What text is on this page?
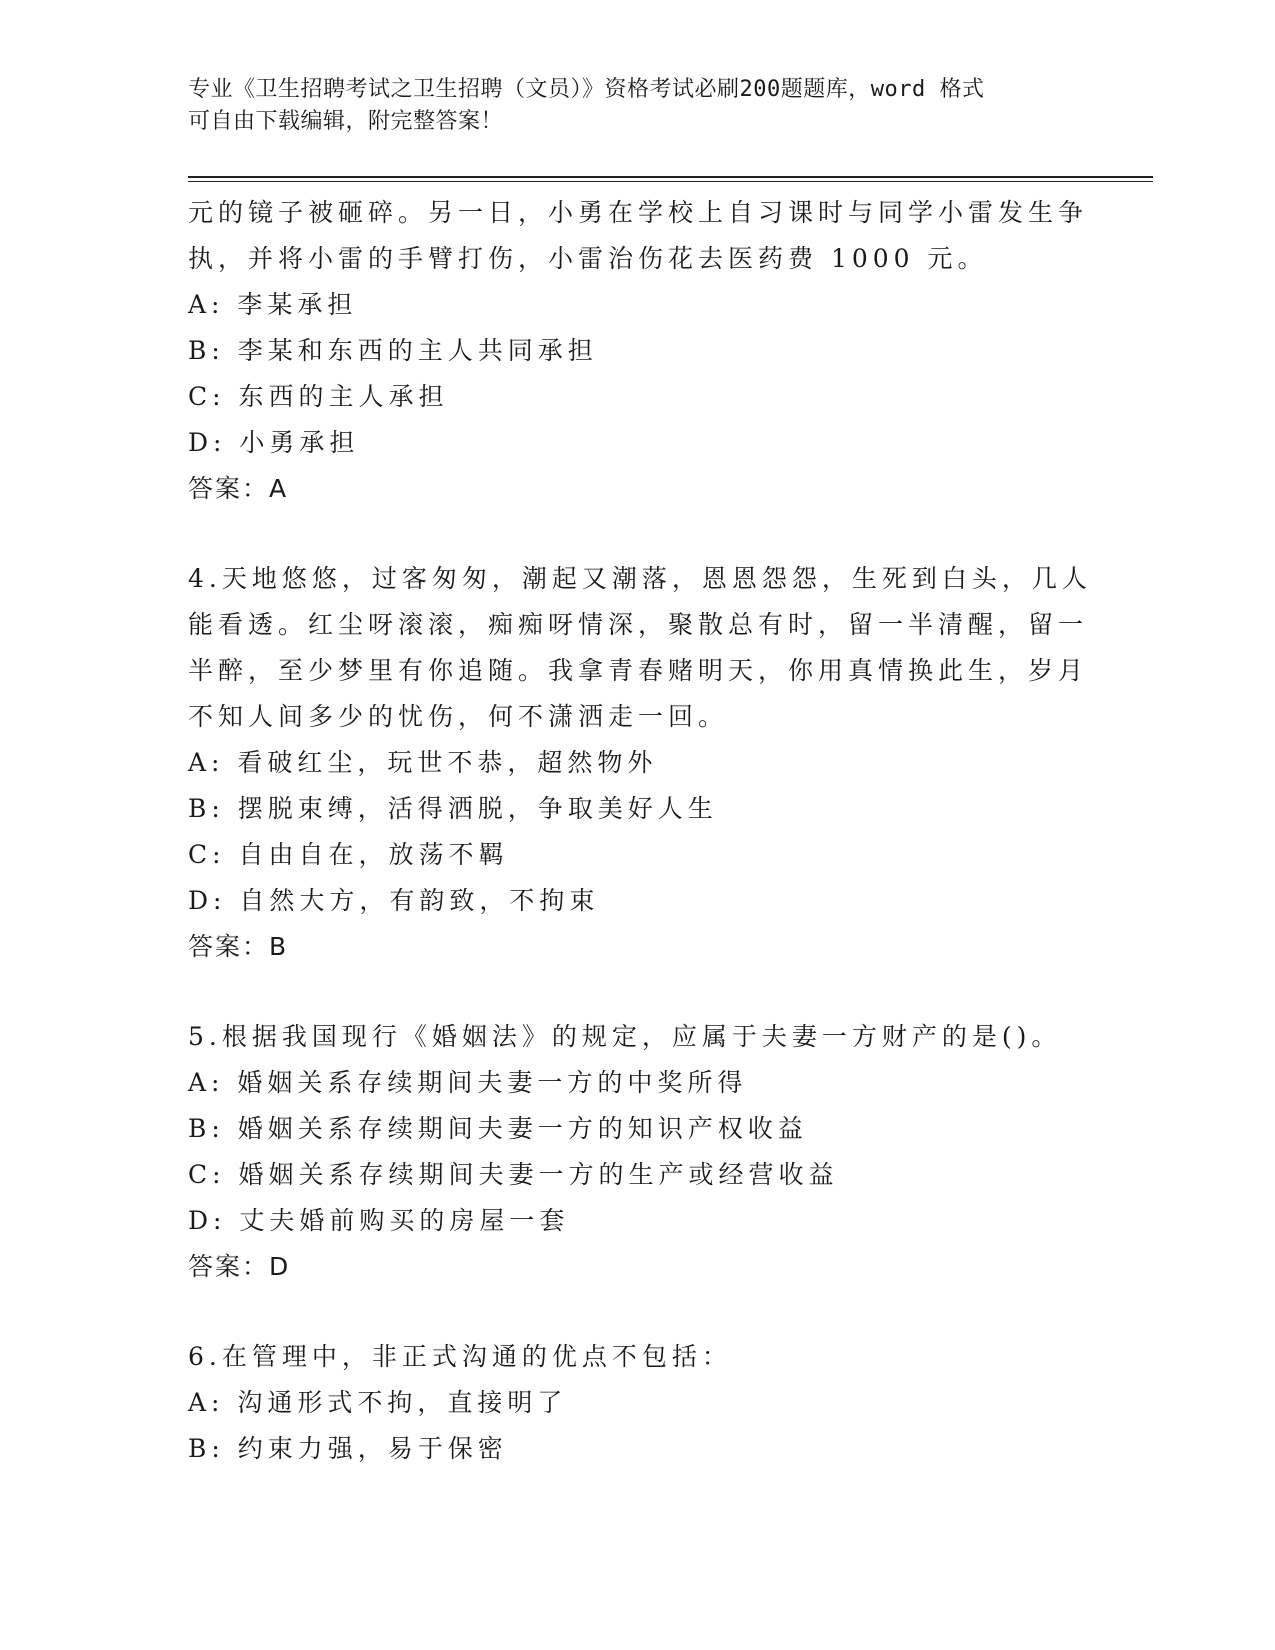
专业《卫生招聘考试之卫生招聘（文员）》资格考试必刷200题题库，word 格式
可自由下载编辑，附完整答案！
元的镜子被砸碎。另一日，小勇在学校上自习课时与同学小雷发生争
执，并将小雷的手臂打伤，小雷治伤花去医药费 1000 元。
A: 李某承担
B: 李某和东西的主人共同承担
C: 东西的主人承担
D: 小勇承担
答案：A
4.天地悠悠，过客匆匆，潮起又潮落，恩恩怨怨，生死到白头，几人
能看透。红尘呀滚滚，痴痴呀情深，聚散总有时，留一半清醒，留一
半醉，至少梦里有你追随。我拿青春赌明天，你用真情换此生，岁月
不知人间多少的忧伤，何不潇洒走一回。
A: 看破红尘，玩世不恭，超然物外
B: 摆脱束缚，活得洒脱，争取美好人生
C: 自由自在，放荡不羁
D: 自然大方，有韵致，不拘束
答案：B
5.根据我国现行《婚姻法》的规定，应属于夫妻一方财产的是()。
A: 婚姻关系存续期间夫妻一方的中奖所得
B: 婚姻关系存续期间夫妻一方的知识产权收益
C: 婚姻关系存续期间夫妻一方的生产或经营收益
D: 丈夫婚前购买的房屋一套
答案：D
6.在管理中，非正式沟通的优点不包括：
A: 沟通形式不拘，直接明了
B: 约束力强，易于保密
